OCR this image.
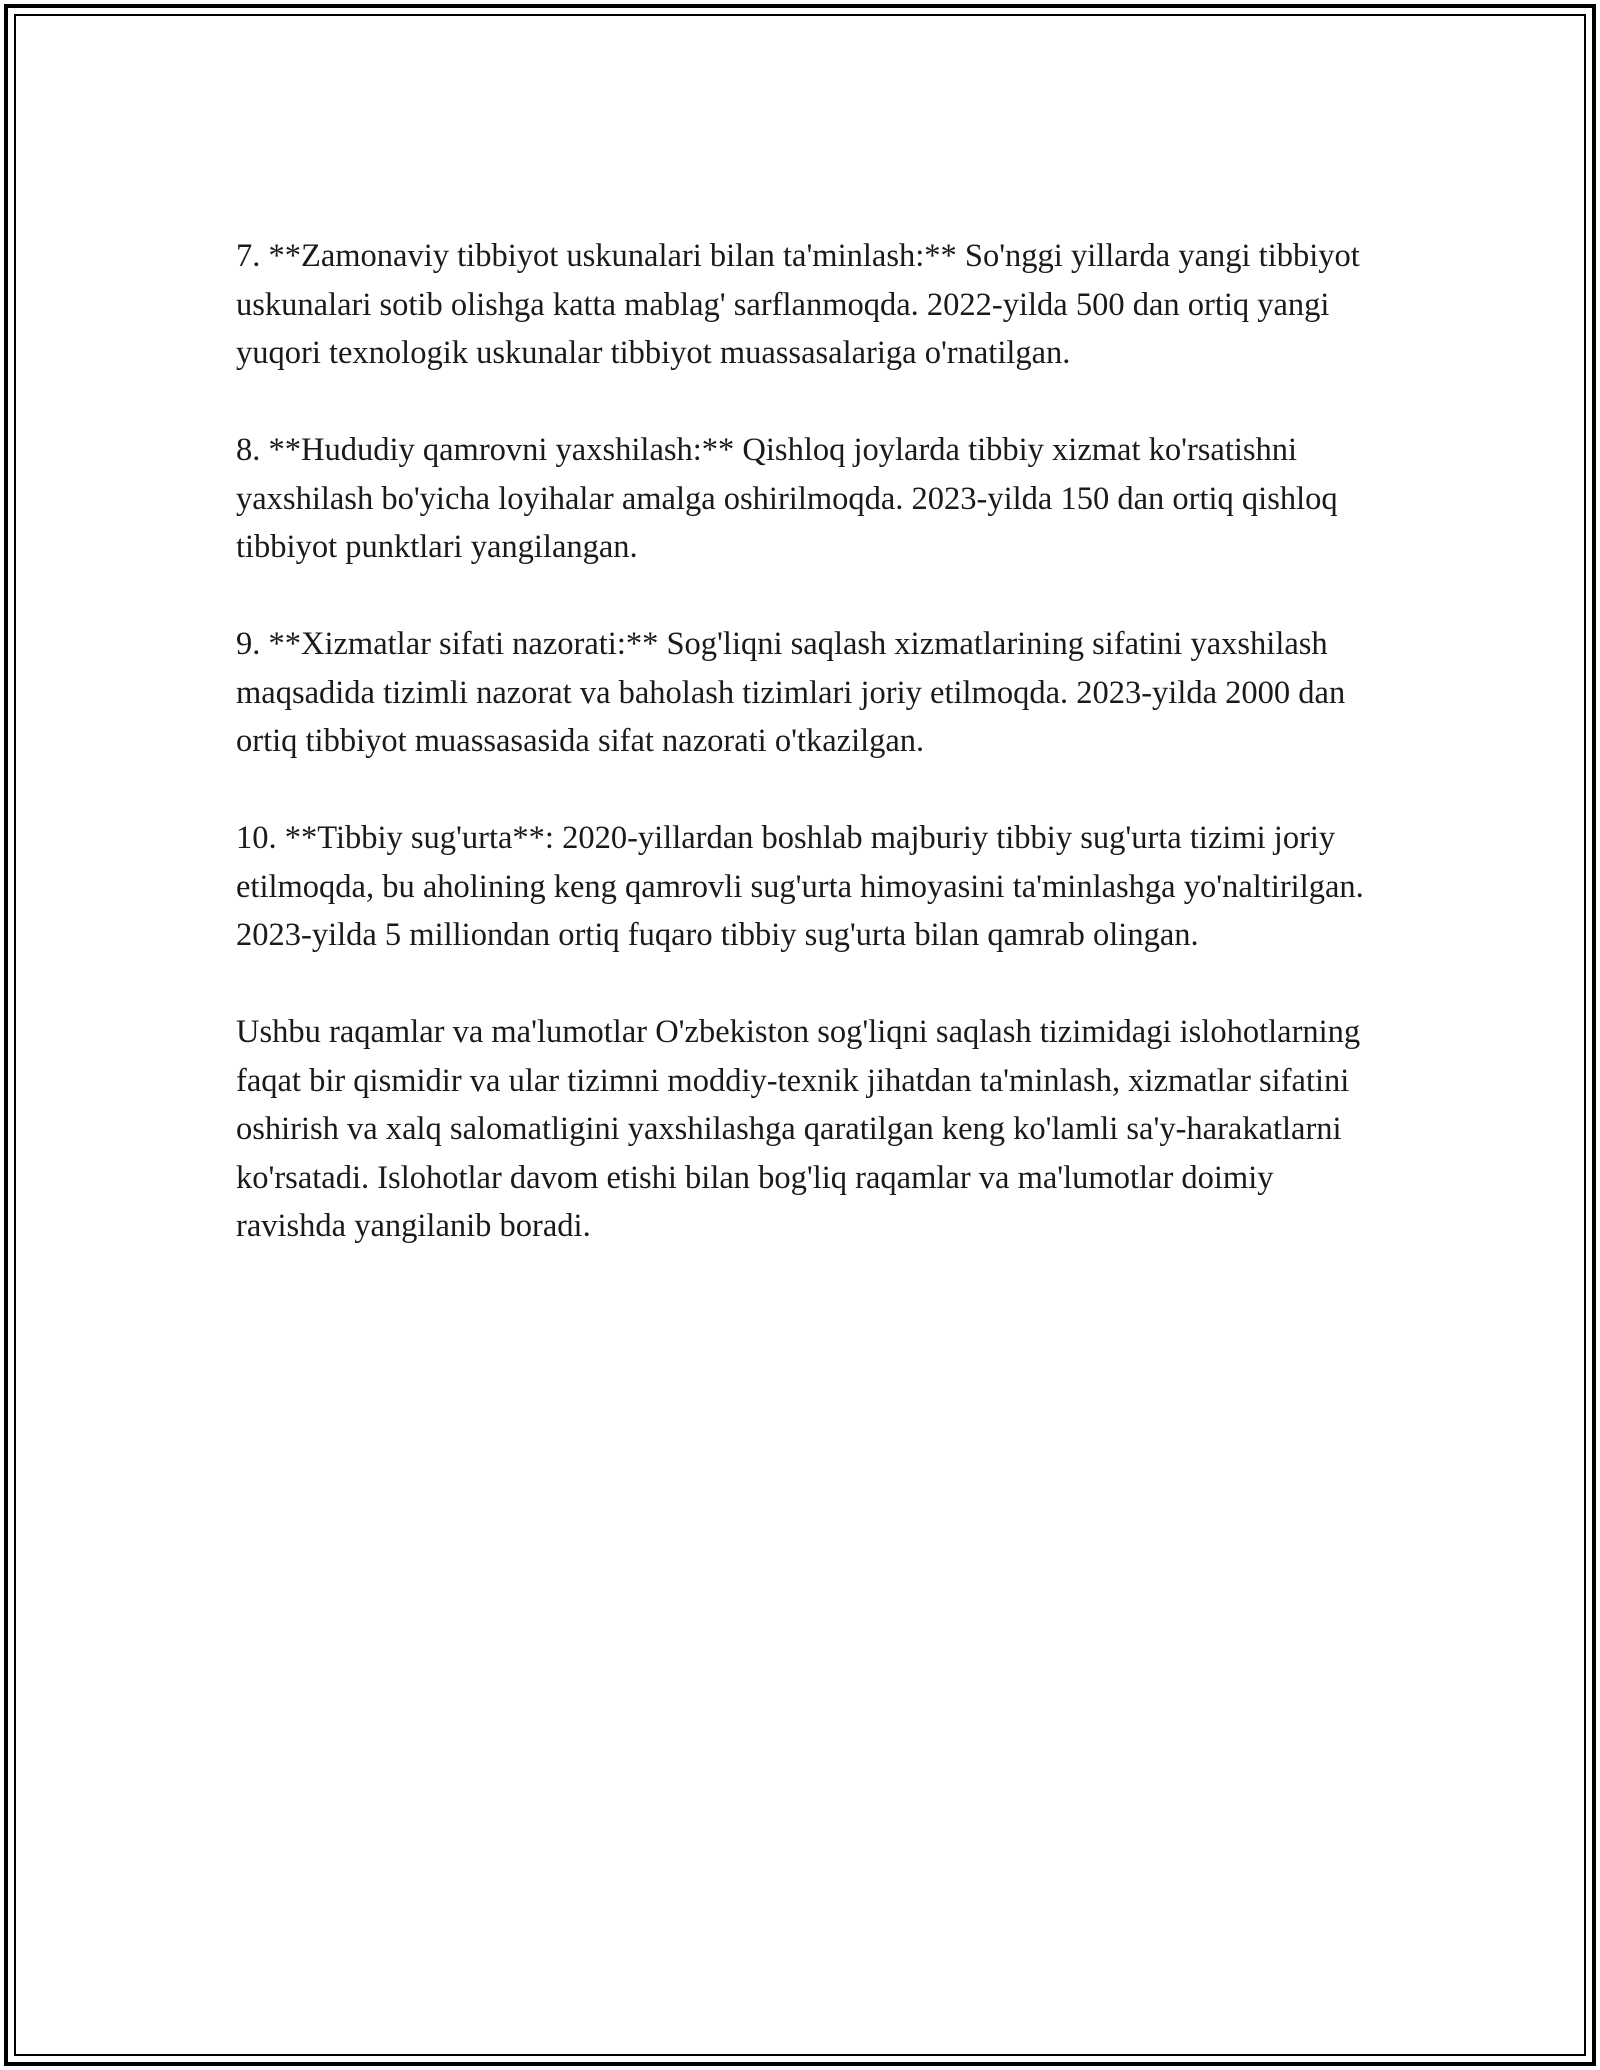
7. **Zamonaviy tibbiyot uskunalari bilan ta'minlash:** So'nggi yillarda yangi tibbiyot uskunalari sotib olishga katta mablag' sarflanmoqda. 2022-yilda 500 dan ortiq yangi yuqori texnologik uskunalar tibbiyot muassasalariga o'rnatilgan.

8. **Hududiy qamrovni yaxshilash:** Qishloq joylarda tibbiy xizmat ko'rsatishni yaxshilash bo'yicha loyihalar amalga oshirilmoqda. 2023-yilda 150 dan ortiq qishloq tibbiyot punktlari yangilangan.

9. **Xizmatlar sifati nazorati:** Sog'liqni saqlash xizmatlarining sifatini yaxshilash maqsadida tizimli nazorat va baholash tizimlari joriy etilmoqda. 2023-yilda 2000 dan ortiq tibbiyot muassasasida sifat nazorati o'tkazilgan.

10. **Tibbiy sug'urta**: 2020-yillardan boshlab majburiy tibbiy sug'urta tizimi joriy etilmoqda, bu aholining keng qamrovli sug'urta himoyasini ta'minlashga yo'naltirilgan. 2023-yilda 5 milliondan ortiq fuqaro tibbiy sug'urta bilan qamrab olingan.

Ushbu raqamlar va ma'lumotlar O'zbekiston sog'liqni saqlash tizimidagi islohotlarning faqat bir qismidir va ular tizimni moddiy-texnik jihatdan ta'minlash, xizmatlar sifatini oshirish va xalq salomatligini yaxshilashga qaratilgan keng ko'lamli sa'y-harakatlarni ko'rsatadi. Islohotlar davom etishi bilan bog'liq raqamlar va ma'lumotlar doimiy ravishda yangilanib boradi.
